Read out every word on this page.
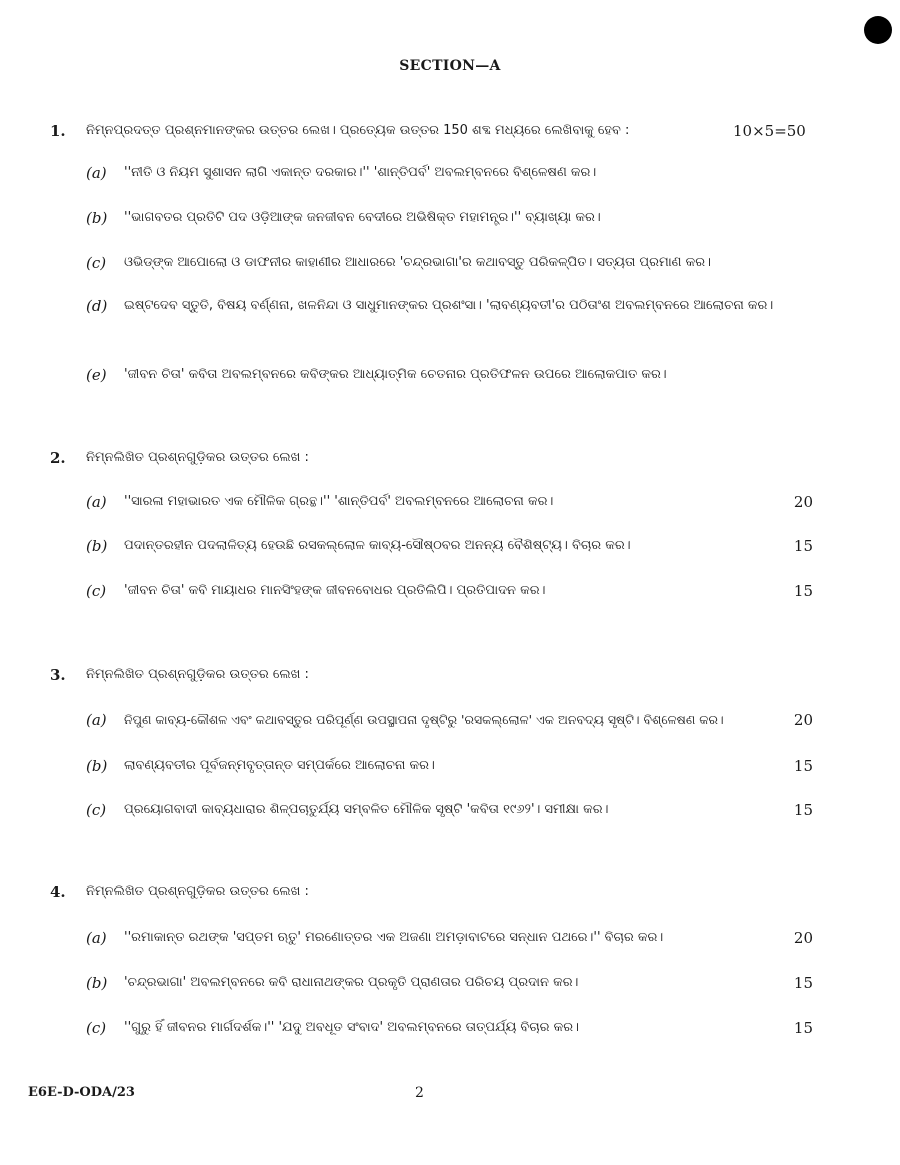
SECTION—A
1. ନିମ୍ନପ୍ରଦତ୍ତ ପ୍ରଶ୍ନମାନଙ୍କର ଉତ୍ତର ଲେଖ। ପ୍ରତ୍ୟେକ ଉତ୍ତର 150 ଶବ୍ଦ ମଧ୍ୟରେ ଲେଖିବାକୁ ହେବ :	10×5=50
(a) ''ନୀତି ଓ ନିୟମ ସୁଶାସନ ଲାଗି ଏକାନ୍ତ ଦରକାର।'' 'ଶାନ୍ତିପର୍ବ' ଅବଲମ୍ବନରେ ବିଶ୍ଳେଷଣ କର।
(b) ''ଭାଗବତର ପ୍ରତିଟି ପଦ ଓଡ଼ିଆଙ୍କ ଜନଜୀବନ ବେଦୀରେ ଅଭିଷିକ୍ତ ମହାମନ୍ତ୍ର।'' ବ୍ୟାଖ୍ୟା କର।
(c) ଓଭିଡ୍‌ଙ୍କ ଆପୋଲୋ ଓ ଡାଫନୀର କାହାଣୀର ଆଧାରରେ 'ଚନ୍ଦ୍ରଭାଗା'ର କଥାବସ୍ତୁ ପରିକଳ୍ପିତ। ସତ୍ୟତା ପ୍ରମାଣ କର।
(d) ଇଷ୍ଟଦେବ ସ୍ତୁତି, ବିଷୟ ବର୍ଣ୍ଣନା, ଖଳନିନ୍ଦା ଓ ସାଧୁମାନଙ୍କର ପ୍ରଶଂସା। 'ଲାବଣ୍ୟବତୀ'ର ପଠିତାଂଶ ଅବଲମ୍ବନରେ ଆଲୋଚନା କର।
(e) 'ଜୀବନ ଚିତା' କବିତା ଅବଲମ୍ବନରେ କବିଙ୍କର ଆଧ୍ୟାତ୍ମିକ ଚେତନାର ପ୍ରତିଫଳନ ଉପରେ ଆଲୋକପାତ କର।
2. ନିମ୍ନଲିଖିତ ପ୍ରଶ୍ନଗୁଡ଼ିକର ଉତ୍ତର ଲେଖ :
(a) ''ସାରଳା ମହାଭାରତ ଏକ ମୌଳିକ ଗ୍ରନ୍ଥ।'' 'ଶାନ୍ତିପର୍ବ' ଅବଲମ୍ବନରେ ଆଲୋଚନା କର।	20
(b) ପଦାନ୍ତରହୀନ ପଦଲାଳିତ୍ୟ ହେଉଛି ରସକଲ୍ଲୋଳ କାବ୍ୟ-ସୌଷ୍ଠବର ଅନନ୍ୟ ବୈଶିଷ୍ଟ୍ୟ। ବିଚାର କର।	15
(c) 'ଜୀବନ ଚିତା' କବି ମାୟାଧର ମାନସିଂହଙ୍କ ଜୀବନବୋଧର ପ୍ରତିଲିପି। ପ୍ରତିପାଦନ କର।	15
3. ନିମ୍ନଲିଖିତ ପ୍ରଶ୍ନଗୁଡ଼ିକର ଉତ୍ତର ଲେଖ :
(a) ନିପୁଣ କାବ୍ୟ-କୌଶଳ ଏବଂ କଥାବସ୍ତୁର ପରିପୂର୍ଣ୍ଣ ଉପସ୍ଥାପନା ଦୃଷ୍ଟିରୁ 'ରସକଲ୍ଲୋଳ' ଏକ ଅନବଦ୍ୟ ସୃଷ୍ଟି। ବିଶ୍ଳେଷଣ କର।	20
(b) ଲାବଣ୍ୟବତୀର ପୂର୍ବଜନ୍ମବୃତ୍ତାନ୍ତ ସମ୍ପର୍କରେ ଆଲୋଚନା କର।	15
(c) ପ୍ରୟୋଗବାଦୀ କାବ୍ୟଧାରାର ଶିଳ୍ପଚାତୁର୍ଯ୍ୟ ସମ୍ବଳିତ ମୌଳିକ ସୃଷ୍ଟି 'କବିତା ୧୯୬୨'। ସମୀକ୍ଷା କର।	15
4. ନିମ୍ନଲିଖିତ ପ୍ରଶ୍ନଗୁଡ଼ିକର ଉତ୍ତର ଲେଖ :
(a) ''ରମାକାନ୍ତ ରଥଙ୍କ 'ସପ୍ତମ ଋତୁ' ମରଣୋତ୍ତର ଏକ ଅଜଣା ଅମଡ଼ାବାଟରେ ସନ୍ଧାନ ପଥରେ।'' ବିଚାର କର।	20
(b) 'ଚନ୍ଦ୍ରଭାଗା' ଅବଲମ୍ବନରେ କବି ରାଧାନାଥଙ୍କର ପ୍ରକୃତି ପ୍ରାଣତାର ପରିଚୟ ପ୍ରଦାନ କର।	15
(c) ''ଗୁରୁ ହିଁ ଜୀବନର ମାର୍ଗଦର୍ଶକ।'' 'ଯଦୁ ଅବଧୂତ ସଂବାଦ' ଅବଲମ୍ବନରେ ତାତ୍ପର୍ଯ୍ୟ ବିଚାର କର।	15
E6E-D-ODA/23	2
